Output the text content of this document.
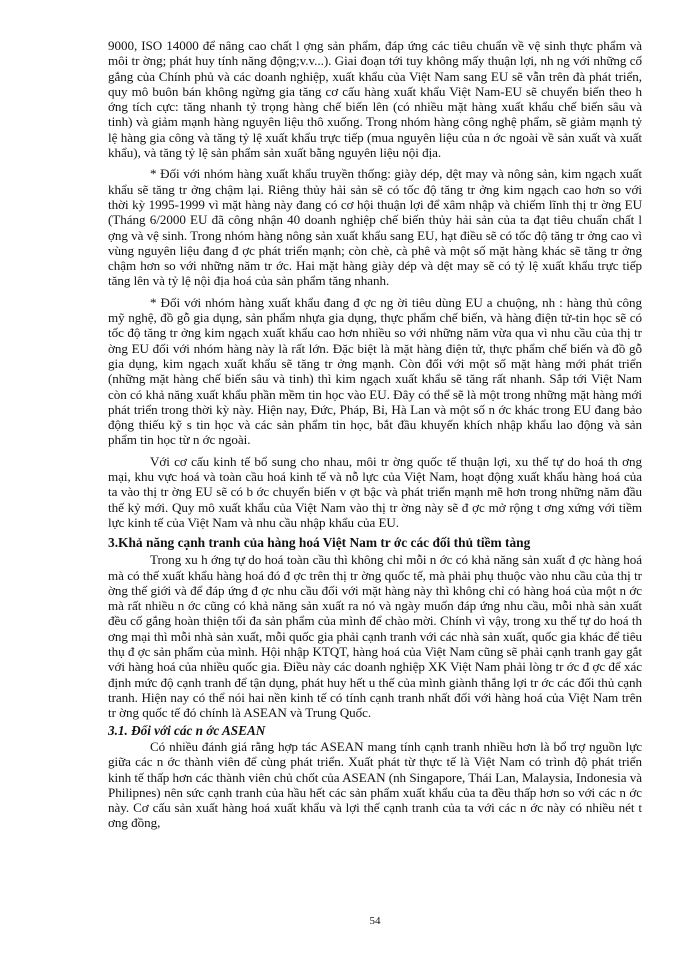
9000, ISO 14000 để nâng cao chất l ợng sản phẩm, đáp ứng các tiêu chuẩn về vệ sinh thực phẩm và môi tr ờng; phát huy tính năng động;v.v...). Giai đoạn tới tuy không mấy thuận lợi, nh ng với những cố gắng của Chính phủ và các doanh nghiệp, xuất khẩu của Việt Nam sang EU sẽ vẫn trên đà phát triển, quy mô buôn bán không ngừng gia tăng cơ cấu hàng xuất khẩu Việt Nam-EU sẽ chuyển biến theo h ớng tích cực: tăng nhanh tỷ trọng hàng chế biến lên (có nhiều mặt hàng xuất khẩu chế biến sâu và tinh) và giảm mạnh hàng nguyên liệu thô xuống. Trong nhóm hàng công nghệ phẩm, sẽ giảm mạnh tỷ lệ hàng gia công và tăng tỷ lệ xuất khẩu trực tiếp (mua nguyên liệu của n ớc ngoài về sản xuất và xuất khẩu), và tăng tỷ lệ sản phẩm sản xuất bằng nguyên liệu nội địa.

* Đối với nhóm hàng xuất khẩu truyền thống: giày dép, dệt may và nông sản, kim ngạch xuất khẩu sẽ tăng tr ởng chậm lại. Riêng thủy hải sản sẽ có tốc độ tăng tr ởng kim ngạch cao hơn so với thời kỳ 1995-1999 vì mặt hàng này đang có cơ hội thuận lợi để xâm nhập và chiếm lĩnh thị tr ờng EU (Tháng 6/2000 EU đã công nhận 40 doanh nghiệp chế biến thủy hải sản của ta đạt tiêu chuẩn chất l ợng và vệ sinh. Trong nhóm hàng nông sản xuất khẩu sang EU, hạt điều sẽ có tốc độ tăng tr ởng cao vì vùng nguyên liệu đang đ ợc phát triển mạnh; còn chè, cà phê và một số mặt hàng khác sẽ tăng tr ởng chậm hơn so với những năm tr ớc. Hai mặt hàng giày dép và dệt may sẽ có tỷ lệ xuất khẩu trực tiếp tăng lên và tỷ lệ nội địa hoá của sản phẩm tăng nhanh.

* Đối với nhóm hàng xuất khẩu đang đ ợc ng ời tiêu dùng EU a chuộng, nh : hàng thủ công mỹ nghệ, đồ gỗ gia dụng, sản phẩm nhựa gia dụng, thực phẩm chế biến, và hàng điện tử-tin học sẽ có tốc độ tăng tr ởng kim ngạch xuất khẩu cao hơn nhiều so với những năm vừa qua vì nhu cầu của thị tr ờng EU đối với nhóm hàng này là rất lớn. Đặc biệt là mặt hàng điện tử, thực phẩm chế biến và đồ gỗ gia dụng, kim ngạch xuất khẩu sẽ tăng tr ởng mạnh. Còn đối với một số mặt hàng mới phát triển (những mặt hàng chế biến sâu và tinh) thì kim ngạch xuất khẩu sẽ tăng rất nhanh. Sắp tới Việt Nam còn có khả năng xuất khẩu phần mềm tin học vào EU. Đây có thể sẽ là một trong những mặt hàng mới phát triển trong thời kỳ này. Hiện nay, Đức, Pháp, Bỉ, Hà Lan và một số n ớc khác trong EU đang bảo động thiếu kỹ s tin học và các sản phẩm tin học, bắt đầu khuyến khích nhập khẩu lao động và sản phẩm tin học từ n ớc ngoài.

Với cơ cấu kinh tế bổ sung cho nhau, môi tr ờng quốc tế thuận lợi, xu thế tự do hoá th ơng mại, khu vực hoá và toàn cầu hoá kinh tế và nỗ lực của Việt Nam, hoạt động xuất khẩu hàng hoá của ta vào thị tr ờng EU sẽ có b ớc chuyển biến v ợt bậc và phát triển mạnh mẽ hơn trong những năm đầu thế kỷ mới. Quy mô xuất khẩu của Việt Nam vào thị tr ờng này sẽ đ ợc mở rộng t ơng xứng với tiềm lực kinh tế của Việt Nam và nhu cầu nhập khẩu của EU.

3.Khả năng cạnh tranh của hàng hoá Việt Nam tr ớc các đối thủ tiềm tàng

Trong xu h ớng tự do hoá toàn cầu thì không chỉ mỗi n ớc có khả năng sản xuất đ ợc hàng hoá mà có thế xuất khẩu hàng hoá đó đ ợc trên thị tr ờng quốc tế, mà phải phụ thuộc vào nhu cầu của thị tr ờng thế giới và để đáp ứng đ ợc nhu cầu đối với mặt hàng này thì không chỉ có hàng hoá của một n ớc mà rất nhiều n ớc cũng có khả năng sản xuất ra nó và ngày muốn đáp ứng nhu cầu, mỗi nhà sản xuất đều cố gắng hoàn thiện tối đa sản phẩm của mình để chào mời. Chính vì vậy, trong xu thế tự do hoá th ơng mại thì mỗi nhà sản xuất, mỗi quốc gia phải cạnh tranh với các nhà sản xuất, quốc gia khác để tiêu thụ đ ợc sản phẩm của mình. Hội nhập KTQT, hàng hoá của Việt Nam cũng sẽ phải cạnh tranh gay gắt với hàng hoá của nhiều quốc gia. Điều này các doanh nghiệp XK Việt Nam phải lòng tr ớc đ ợc để xác định mức độ cạnh tranh để tận dụng, phát huy hết u thế của mình giành thắng lợi tr ớc các đối thủ cạnh tranh. Hiện nay có thể nói hai nền kinh tế có tính cạnh tranh nhất đối với hàng hoá của Việt Nam trên tr ờng quốc tế đó chính là ASEAN và Trung Quốc.

3.1. Đối với các n ớc ASEAN

Có nhiều đánh giá rằng hợp tác ASEAN mang tính cạnh tranh nhiều hơn là bổ trợ nguồn lực giữa các n ớc thành viên để cùng phát triển. Xuất phát từ thực tế là Việt Nam có trình độ phát triển kinh tế thấp hơn các thành viên chủ chốt của ASEAN (nh Singapore, Thái Lan, Malaysia, Indonesia và Philipnes) nên sức cạnh tranh của hầu hết các sản phẩm xuất khẩu của ta đều thấp hơn so với các n ớc này. Cơ cấu sản xuất hàng hoá xuất khẩu và lợi thế cạnh tranh của ta với các n ớc này có nhiều nét t ơng đồng,

54
